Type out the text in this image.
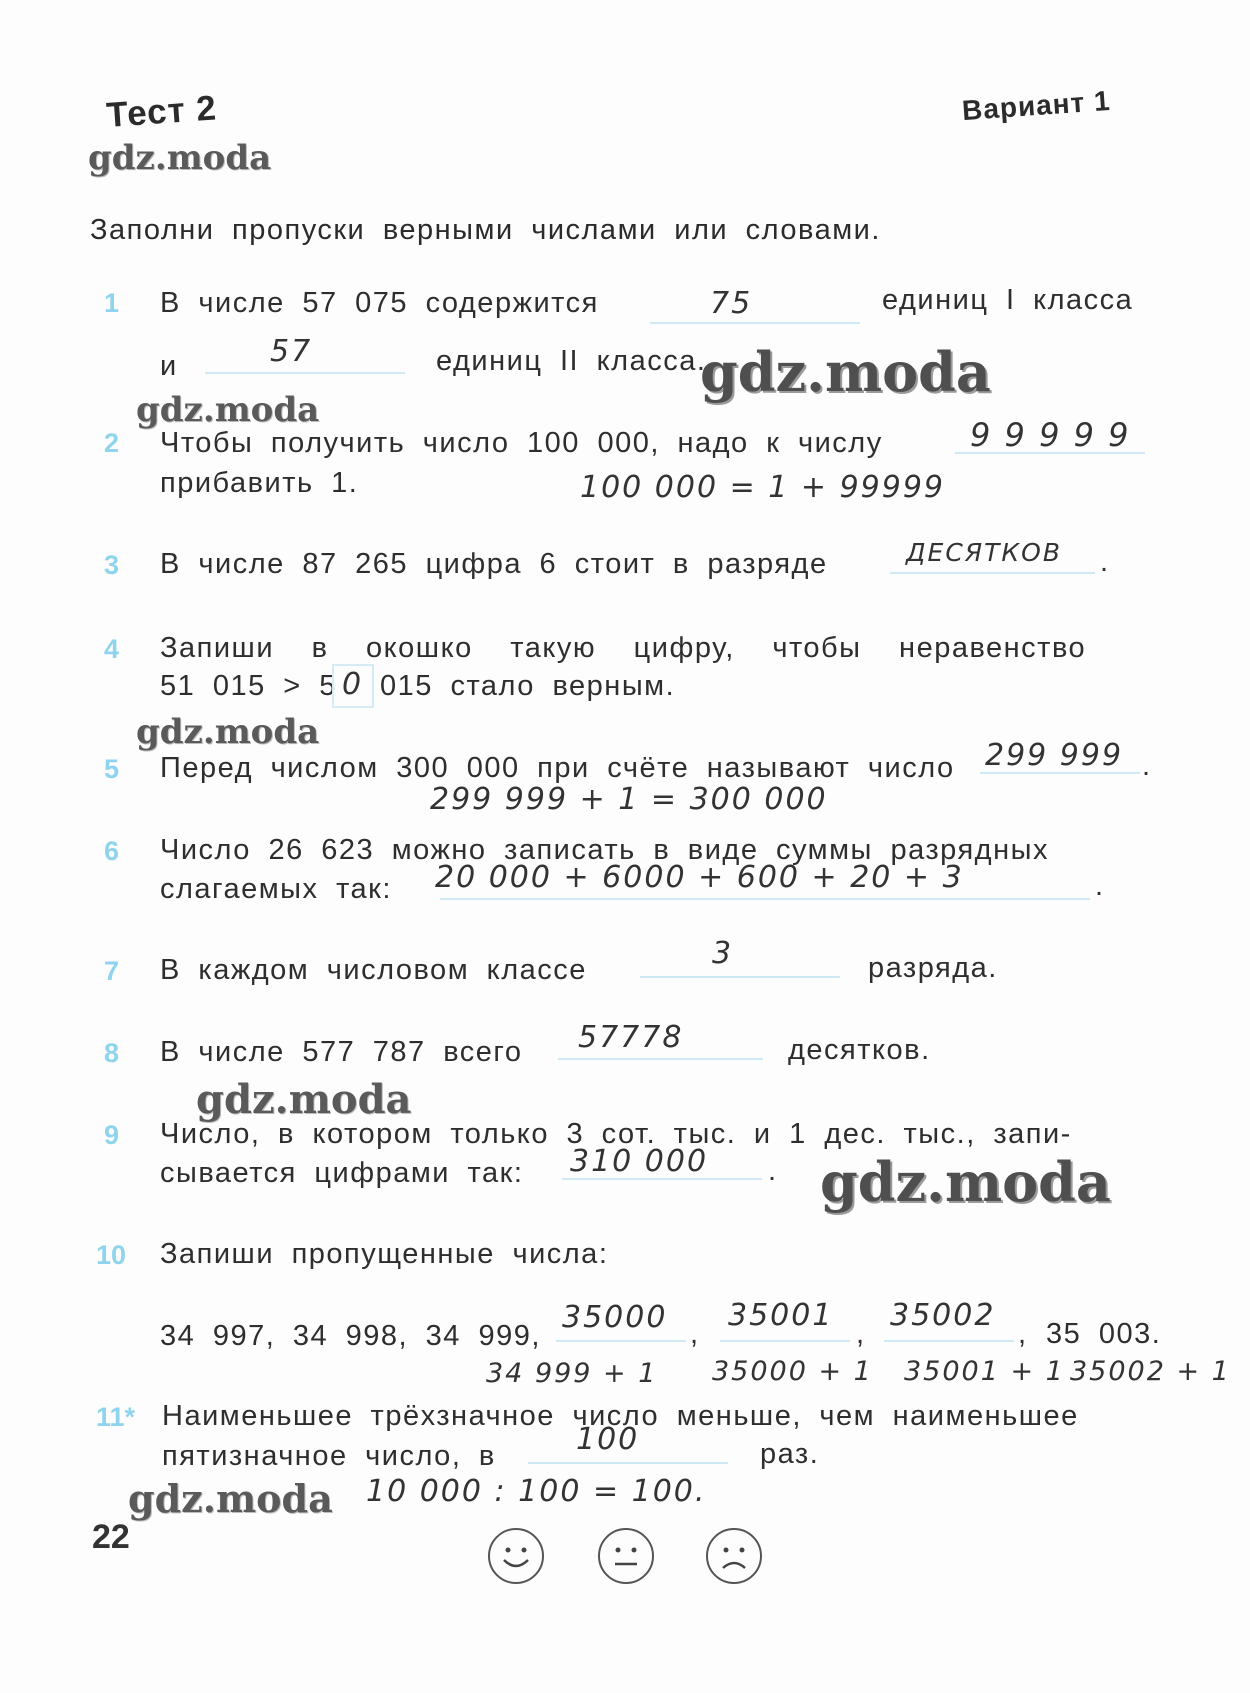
Тест 2	Вариант 1
gdz.moda
Заполни пропуски верными числами или словами.
1 В числе 57 075 содержится	75	единиц I класса
и	57	единиц II класса.
gdz.moda
gdz.moda
2 Чтобы получить число 100 000, надо к числу	9 9 9 9 9
прибавить 1.	100 000 = 1 + 99999
3 В числе 87 265 цифра 6 стоит в разряде	ДЕСЯТКОВ .
4 Запиши в окошко такую цифру, чтобы неравенство
51 015 > 5 0 015 стало верным.
gdz.moda
5 Перед числом 300 000 при счёте называют число 299 999 .
299 999 + 1 = 300 000
6 Число 26 623 можно записать в виде суммы разрядных
слагаемых так: 20 000 + 6000 + 600 + 20 + 3	.
7 В каждом числовом классе	3	разряда.
8 В числе 577 787 всего 57778	десятков.
gdz.moda
9 Число, в котором только 3 сот. тыс. и 1 дес. тыс., запи-
сывается цифрами так: 310 000 . gdz.moda
10 Запиши пропущенные числа:
34 997, 34 998, 34 999,
35000 ,
35001
,
35002
, 35 003.
34 999 + 1 35000 + 1 35001 + 1 35002 + 1
11* Наименьшее трёхзначное число меньше, чем наименьшее
пятизначное число, в	100	раз.
gdz.moda 10 000 : 100 = 100.
22
